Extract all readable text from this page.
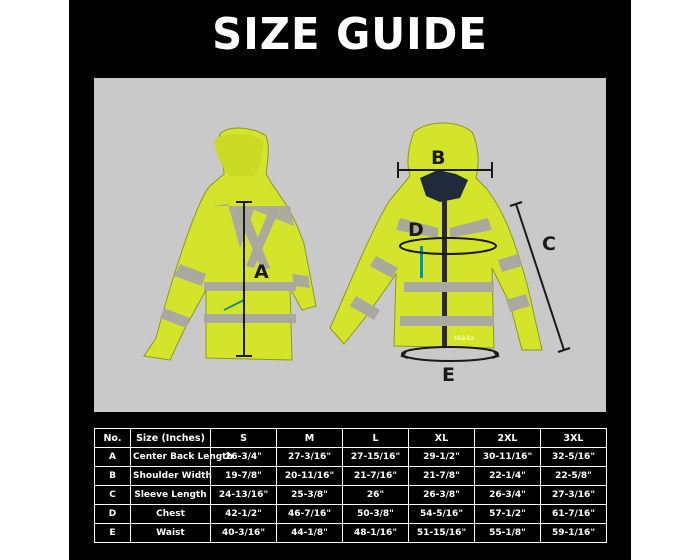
SIZE GUIDE
A
Makita
B
C
D
E
No.	Size (Inches)	S	M	L	XL	2XL	3XL
A	Center Back Length	26-3/4"	27-3/16"	27-15/16"	29-1/2"	30-11/16"	32-5/16"
B	Shoulder Width	19-7/8"	20-11/16"	21-7/16"	21-7/8"	22-1/4"	22-5/8"
C	Sleeve Length	24-13/16"	25-3/8"	26"	26-3/8"	26-3/4"	27-3/16"
D	Chest	42-1/2"	46-7/16"	50-3/8"	54-5/16"	57-1/2"	61-7/16"
E	Waist	40-3/16"	44-1/8"	48-1/16"	51-15/16"	55-1/8"	59-1/16"
